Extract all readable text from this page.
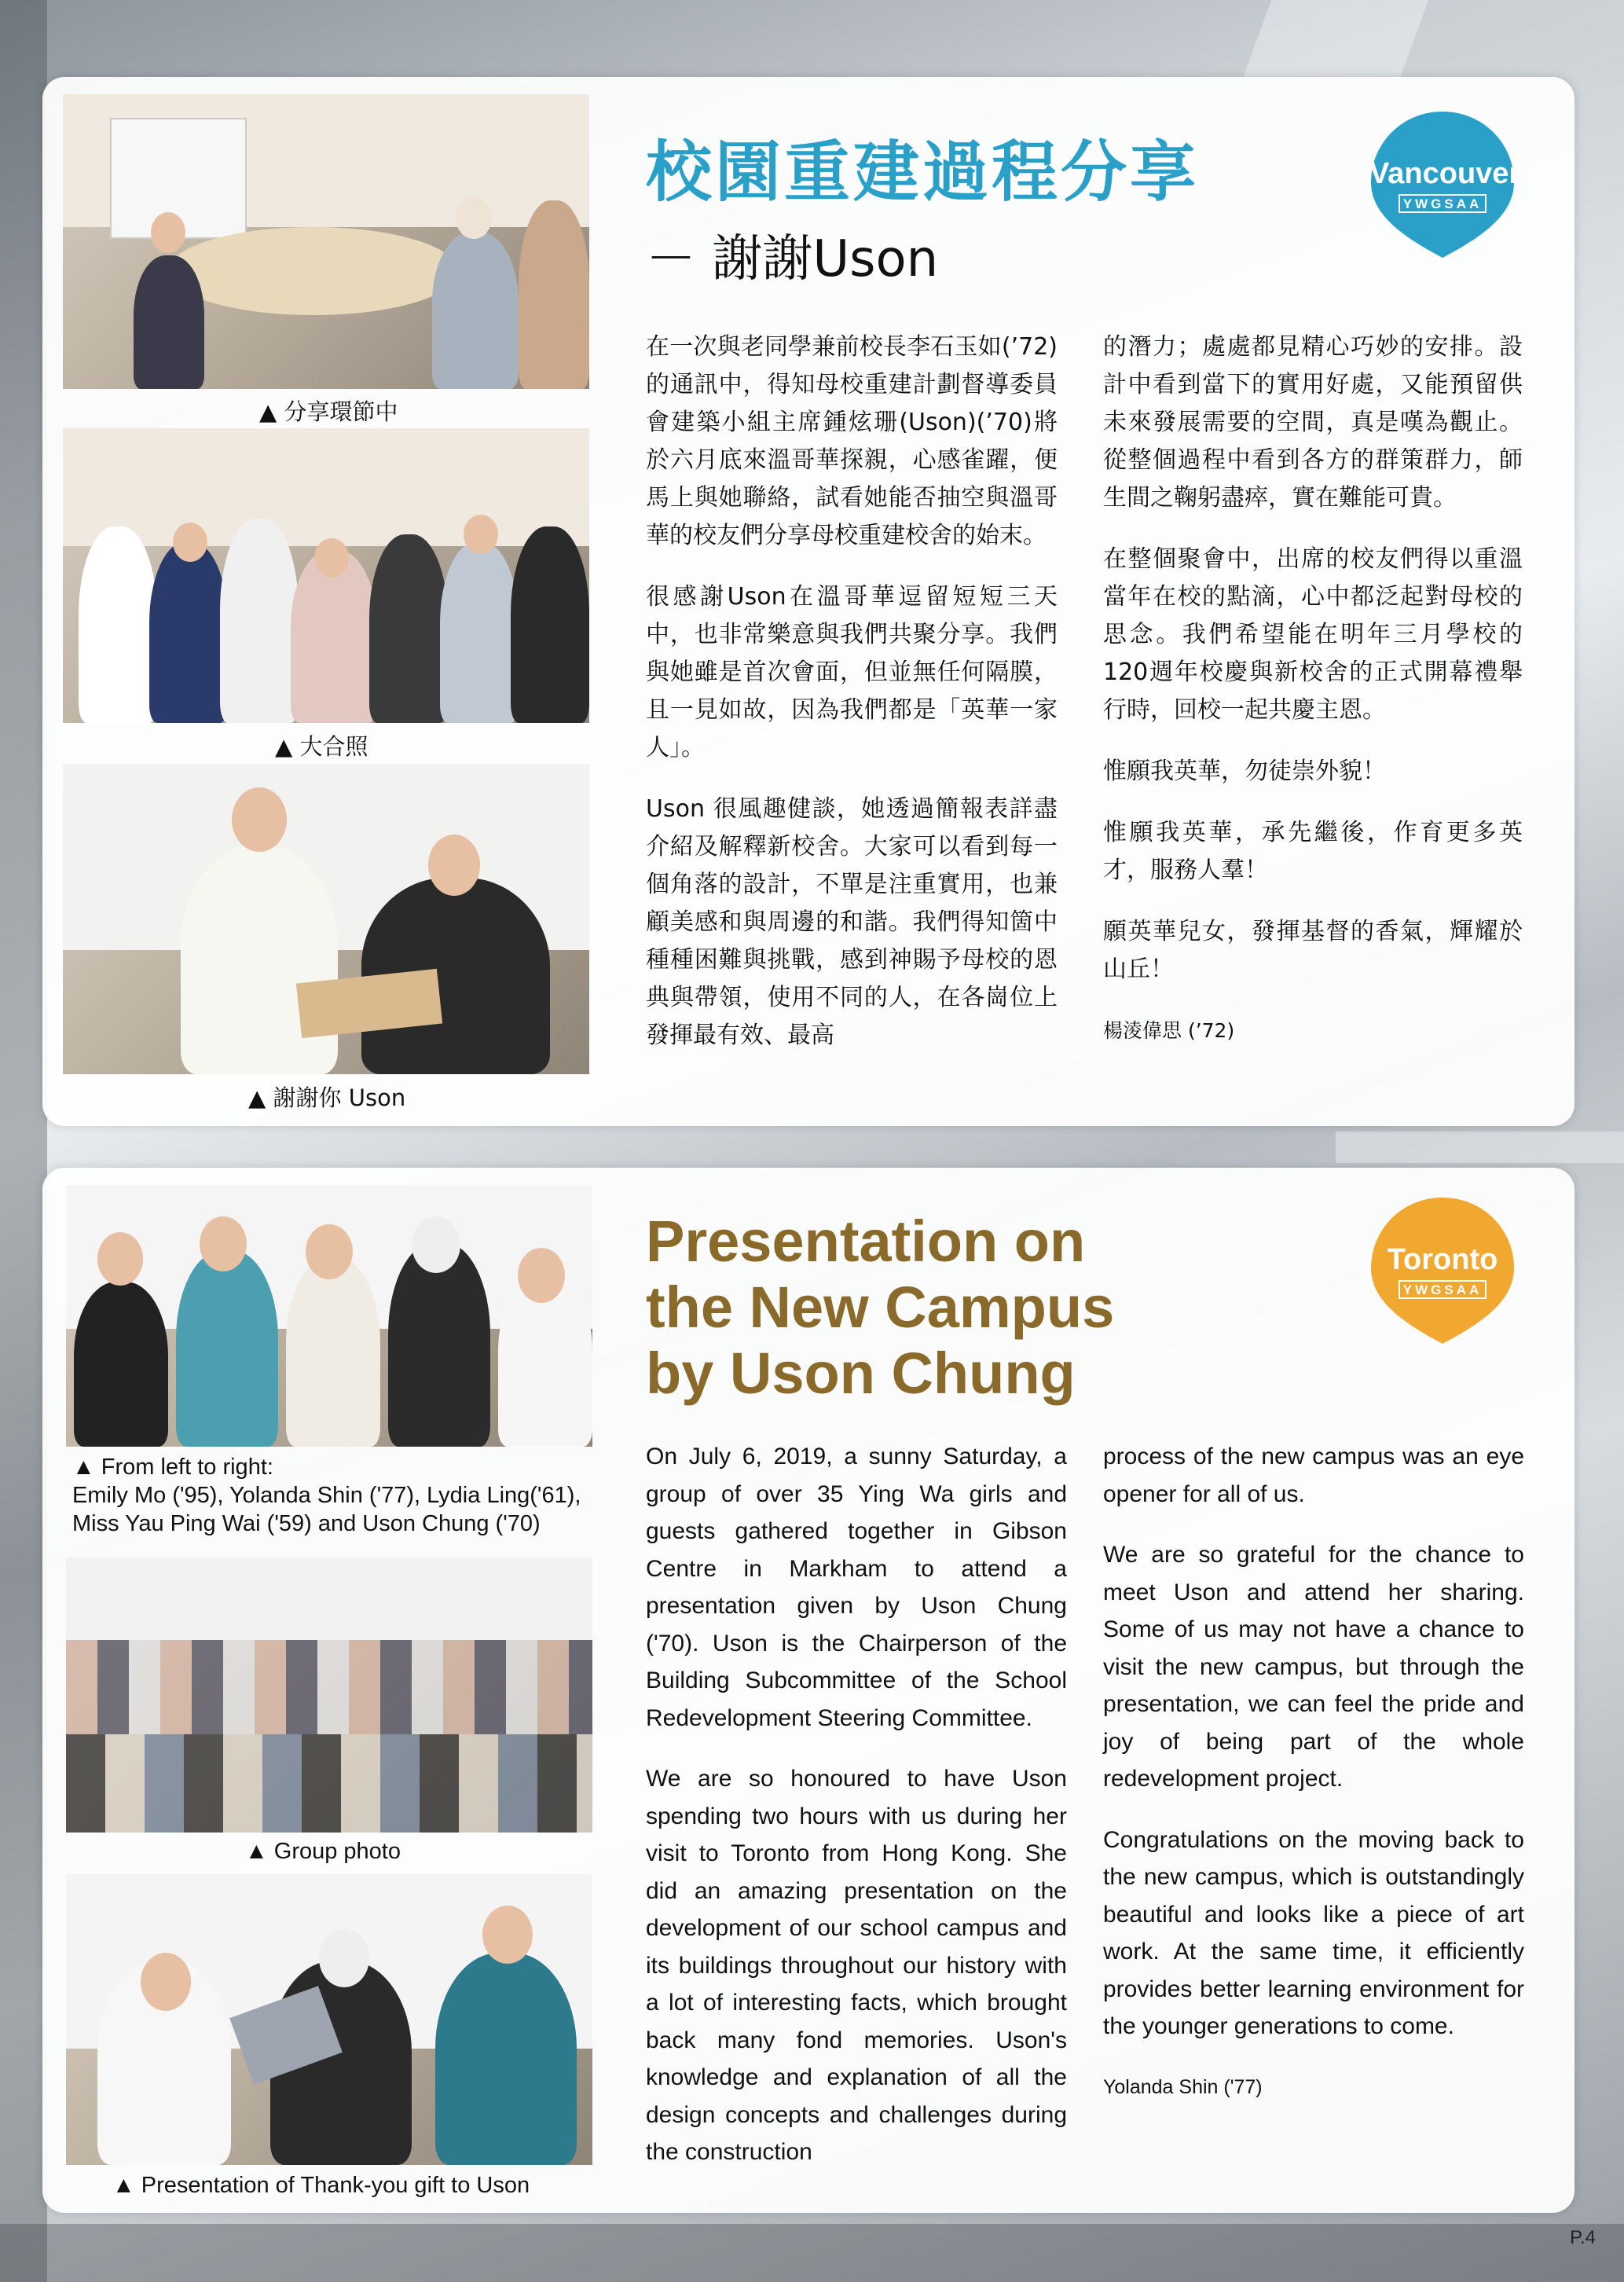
▲ 分享環節中
▲ 大合照
▲ 謝謝你 Uson
校園重建過程分享
－ 謝謝Uson
Vancouver
YWGSAA

在一次與老同學兼前校長李石玉如(’72)的通訊中，得知母校重建計劃督導委員會建築小組主席鍾炫珊(Uson)(’70)將於六月底來溫哥華探親，心感雀躍，便馬上與她聯絡，試看她能否抽空與溫哥華的校友們分享母校重建校舍的始末。

很感謝Uson在溫哥華逗留短短三天中，也非常樂意與我們共聚分享。我們與她雖是首次會面，但並無任何隔膜，且一見如故，因為我們都是「英華一家人」。

Uson 很風趣健談，她透過簡報表詳盡介紹及解釋新校舍。大家可以看到每一個角落的設計，不單是注重實用，也兼顧美感和與周邊的和諧。我們得知箇中種種困難與挑戰，感到神賜予母校的恩典與帶領，使用不同的人，在各崗位上發揮最有效、最高

的潛力；處處都見精心巧妙的安排。設計中看到當下的實用好處，又能預留供未來發展需要的空間，真是嘆為觀止。從整個過程中看到各方的群策群力，師生間之鞠躬盡瘁，實在難能可貴。

在整個聚會中，出席的校友們得以重溫當年在校的點滴，心中都泛起對母校的思念。我們希望能在明年三月學校的120週年校慶與新校舍的正式開幕禮舉行時，回校一起共慶主恩。

惟願我英華，勿徒崇外貌！

惟願我英華，承先繼後，作育更多英才，服務人羣！

願英華兒女，發揮基督的香氣，輝耀於山丘！

楊淩偉思 (’72)

▲ From left to right:
Emily Mo ('95), Yolanda Shin ('77), Lydia Ling('61),
Miss Yau Ping Wai ('59) and Uson Chung ('70)
▲ Group photo
▲ Presentation of Thank-you gift to Uson
Presentation on
the New Campus
by Uson Chung
Toronto
YWGSAA

On July 6, 2019, a sunny Saturday, a group of over 35 Ying Wa girls and guests gathered together in Gibson Centre in Markham to attend a presentation given by Uson Chung ('70). Uson is the Chairperson of the Building Subcommittee of the School Redevelopment Steering Committee.

We are so honoured to have Uson spending two hours with us during her visit to Toronto from Hong Kong. She did an amazing presentation on the development of our school campus and its buildings throughout our history with a lot of interesting facts, which brought back many fond memories. Uson's knowledge and explanation of all the design concepts and challenges during the construction

process of the new campus was an eye opener for all of us.

We are so grateful for the chance to meet Uson and attend her sharing. Some of us may not have a chance to visit the new campus, but through the presentation, we can feel the pride and joy of being part of the whole redevelopment project.

Congratulations on the moving back to the new campus, which is outstandingly beautiful and looks like a piece of art work. At the same time, it efficiently provides better learning environment for the younger generations to come.

Yolanda Shin ('77)

P.4
